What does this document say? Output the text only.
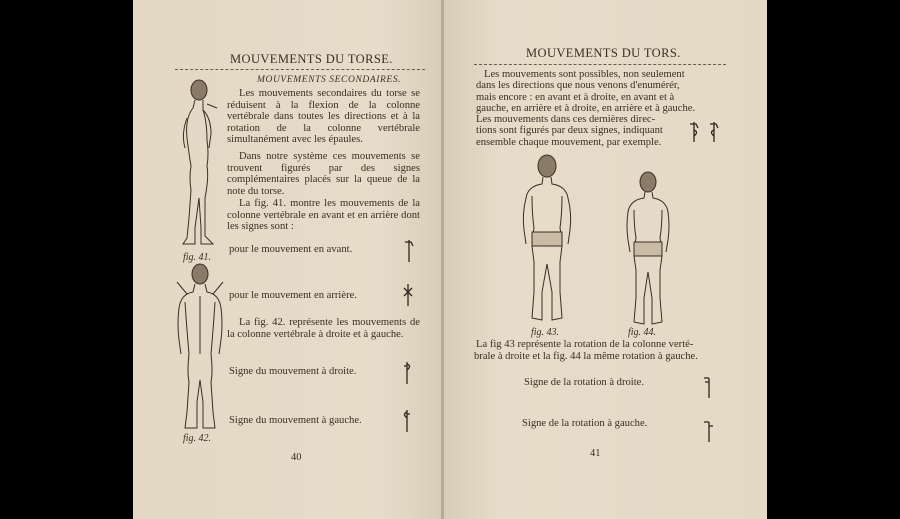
MOUVEMENTS DU TORSE.
MOUVEMENTS SECONDAIRES.
Les mouvements secondaires du torse se réduisent à la flexion de la colonne vertébrale dans toutes les directions et à la rotation de la colonne vertébrale simultanément avec les épaules.
Dans notre système ces mouvements se trouvent figurés par des signes complémentaires placés sur la queue de la note du torse.
La fig. 41. montre les mouvements de la colonne vertébrale en avant et en arrière dont les signes sont :
fig. 41.
pour le mouvement en avant.
fig. 42.
pour le mouvement en arrière.
La fig. 42. représente les mouvements de la colonne vertébrale à droite et à gauche.
Signe du mouvement à droite.
Signe du mouvement à gauche.
40
MOUVEMENTS DU TORS.
Les mouvements sont possibles, non seulement
dans les directions que nous venons d'enumérér,
mais encore : en avant et à droite, en avant et à
gauche, en arrière et à droite, en arrière et à gauche.
Les mouvements dans ces dernières direc-
tions sont figurés par deux signes, indiquant
ensemble chaque mouvement, par exemple.
fig. 43.	fig. 44.
La fig 43 représente la rotation de la colonne verté-
brale à droite et la fig. 44 la même rotation à gauche.
Signe de la rotation à droite.
Signe de la rotation à gauche.
41
